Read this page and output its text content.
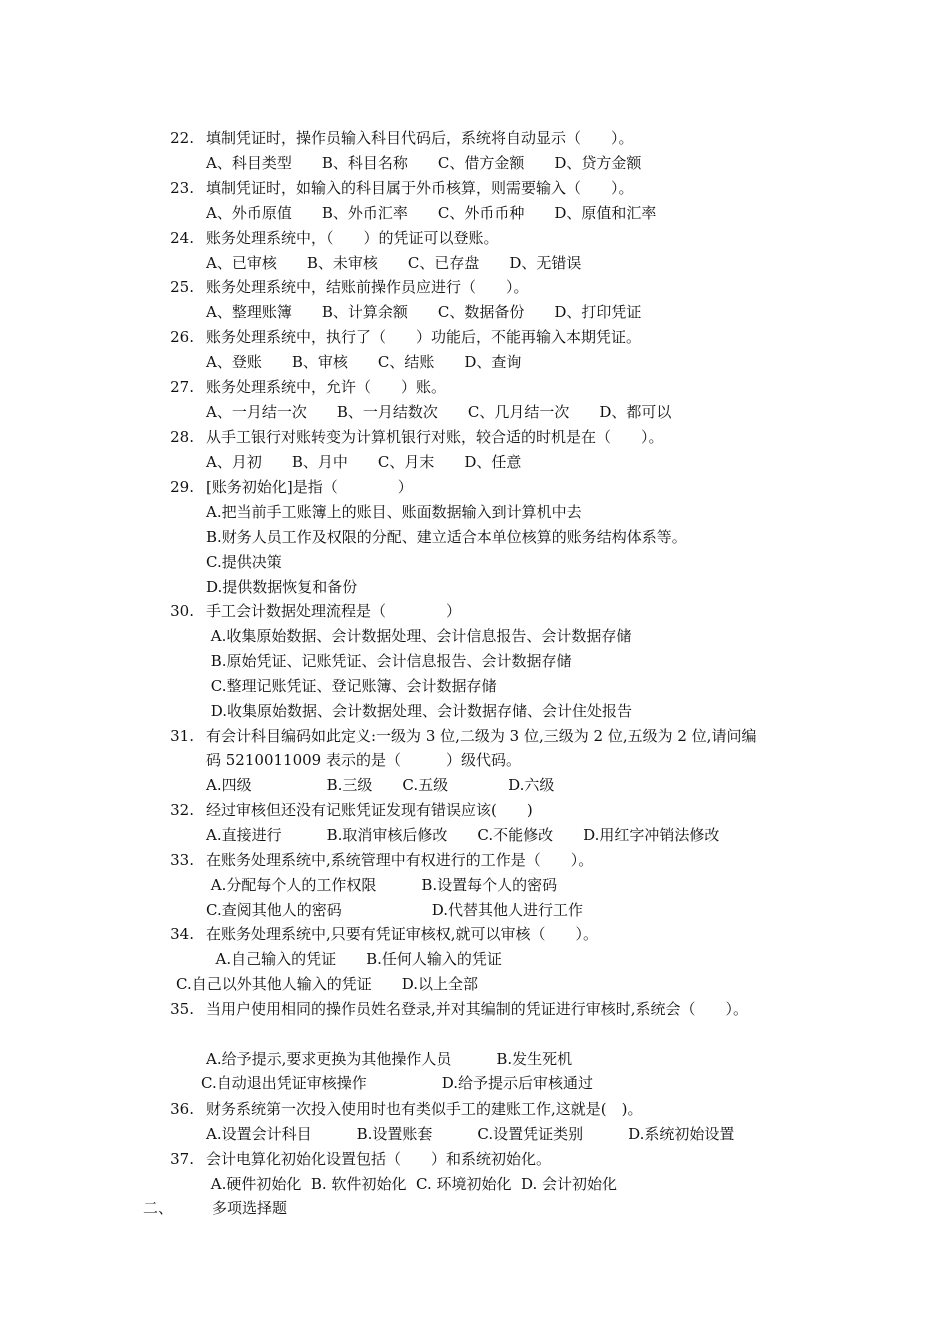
22. 填制凭证时，操作员输入科目代码后，系统将自动显示（　　）。
A、科目类型　　B、科目名称　　C、借方金额　　D、贷方金额
23. 填制凭证时，如输入的科目属于外币核算，则需要输入（　　）。
A、外币原值　　B、外币汇率　　C、外币币种　　D、原值和汇率
24. 账务处理系统中，（　　）的凭证可以登账。
A、已审核　　B、未审核　　C、已存盘　　D、无错误
25. 账务处理系统中，结账前操作员应进行（　　）。
A、整理账簿　　B、计算余额　　C、数据备份　　D、打印凭证
26. 账务处理系统中，执行了（　　）功能后，不能再输入本期凭证。
A、登账　　B、审核　　C、结账　　D、查询
27. 账务处理系统中，允许（　　）账。
A、一月结一次　　B、一月结数次　　C、几月结一次　　D、都可以
28. 从手工银行对账转变为计算机银行对账，较合适的时机是在（　　）。
A、月初　　B、月中　　C、月末　　D、任意
29. [账务初始化]是指（　　　　）
A.把当前手工账簿上的账目、账面数据输入到计算机中去
B.财务人员工作及权限的分配、建立适合本单位核算的账务结构体系等。
C.提供决策
D.提供数据恢复和备份
30. 手工会计数据处理流程是（　　　　）
A.收集原始数据、会计数据处理、会计信息报告、会计数据存储
B.原始凭证、记账凭证、会计信息报告、会计数据存储
C.整理记账凭证、登记账簿、会计数据存储
D.收集原始数据、会计数据处理、会计数据存储、会计住处报告
31. 有会计科目编码如此定义:一级为 3 位,二级为 3 位,三级为 2 位,五级为 2 位,请问编
码 5210011009 表示的是（　　　）级代码。
A.四级　　　　　B.三级　　C.五级　　　　D.六级
32. 经过审核但还没有记账凭证发现有错误应该(　　)
A.直接进行　　　B.取消审核后修改　　C.不能修改　　D.用红字冲销法修改
33. 在账务处理系统中,系统管理中有权进行的工作是（　　）。
A.分配每个人的工作权限　　　B.设置每个人的密码
C.查阅其他人的密码　　　　　　D.代替其他人进行工作
34. 在账务处理系统中,只要有凭证审核权,就可以审核（　　）。
A.自己输入的凭证　　B.任何人输入的凭证
35. 当用户使用相同的操作员姓名登录,并对其编制的凭证进行审核时,系统会（　　）。
A.给予提示,要求更换为其他操作人员　　　B.发生死机
36. 财务系统第一次投入使用时也有类似手工的建账工作,这就是(　)。
A.设置会计科目　　　B.设置账套　　　C.设置凭证类别　　　D.系统初始设置
37. 会计电算化初始化设置包括（　　）和系统初始化。
A.硬件初始化  B. 软件初始化  C. 环境初始化  D. 会计初始化
C.自己以外其他人输入的凭证　　D.以上全部
C.自动退出凭证审核操作　　　　　D.给予提示后审核通过
二、	多项选择题
